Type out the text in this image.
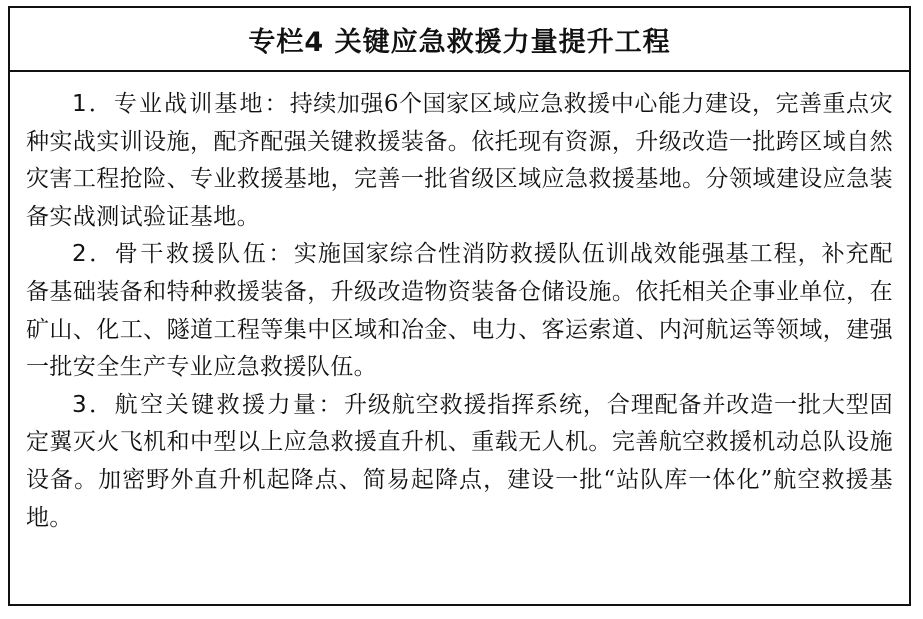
专栏4 关键应急救援力量提升工程

1．专业战训基地：持续加强6个国家区域应急救援中心能力建设，完善重点灾种实战实训设施，配齐配强关键救援装备。依托现有资源，升级改造一批跨区域自然灾害工程抢险、专业救援基地，完善一批省级区域应急救援基地。分领域建设应急装备实战测试验证基地。

2．骨干救援队伍：实施国家综合性消防救援队伍训战效能强基工程，补充配备基础装备和特种救援装备，升级改造物资装备仓储设施。依托相关企事业单位，在矿山、化工、隧道工程等集中区域和冶金、电力、客运索道、内河航运等领域，建强一批安全生产专业应急救援队伍。

3．航空关键救援力量：升级航空救援指挥系统，合理配备并改造一批大型固定翼灭火飞机和中型以上应急救援直升机、重载无人机。完善航空救援机动总队设施设备。加密野外直升机起降点、简易起降点，建设一批“站队库一体化”航空救援基地。
